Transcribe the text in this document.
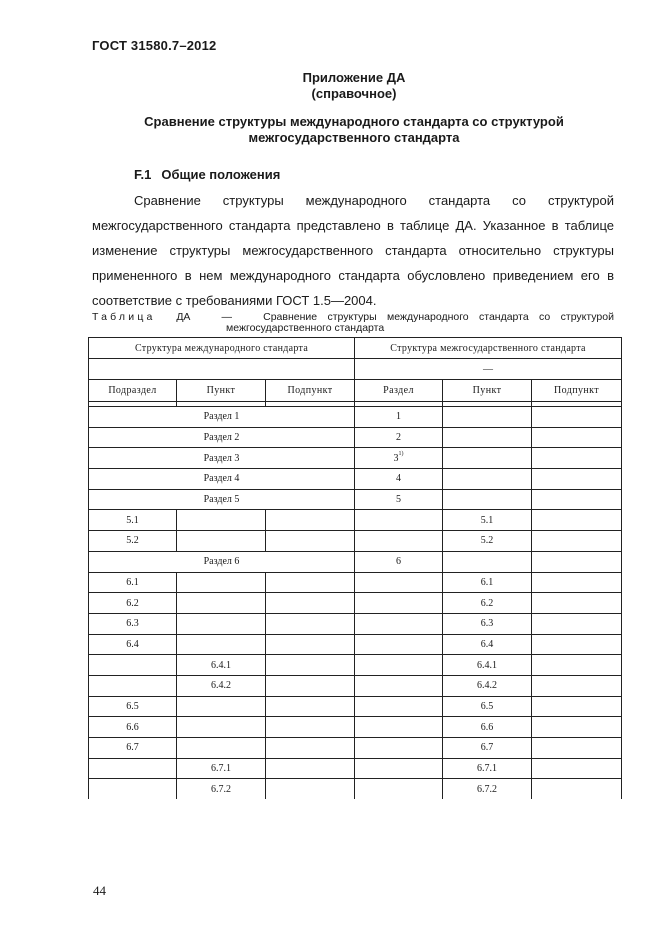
ГОСТ 31580.7–2012
Приложение ДА
(справочное)
Сравнение структуры международного стандарта со структурой
межгосударственного стандарта
F.1 Общие положения
Сравнение структуры международного стандарта со структурой
межгосударственного стандарта представлено в таблице ДА. Указанное в таблице
изменение структуры межгосударственного стандарта относительно структуры
примененного в нем международного стандарта обусловлено приведением его в
соответствие с требованиями ГОСТ 1.5—2004.
Таблица ДА	—	Сравнение структуры международного стандарта со структурой
межгосударственного стандарта
Структура международного стандарта			Структура межгосударственного стандарта		
			—		
Подраздел	Пункт	Подпункт	Раздел	Пункт	Подпункт

Раздел 1			1		
Раздел 2			2		
Раздел 3			3$^{1)}$		
Раздел 4			4		
Раздел 5			5		
5.1				5.1	
5.2				5.2	
Раздел 6			6		
6.1				6.1	
6.2				6.2	
6.3				6.3	
6.4				6.4	
	6.4.1			6.4.1	
	6.4.2			6.4.2	
6.5				6.5	
6.6				6.6	
6.7				6.7	
	6.7.1			6.7.1	
	6.7.2			6.7.2	
44
